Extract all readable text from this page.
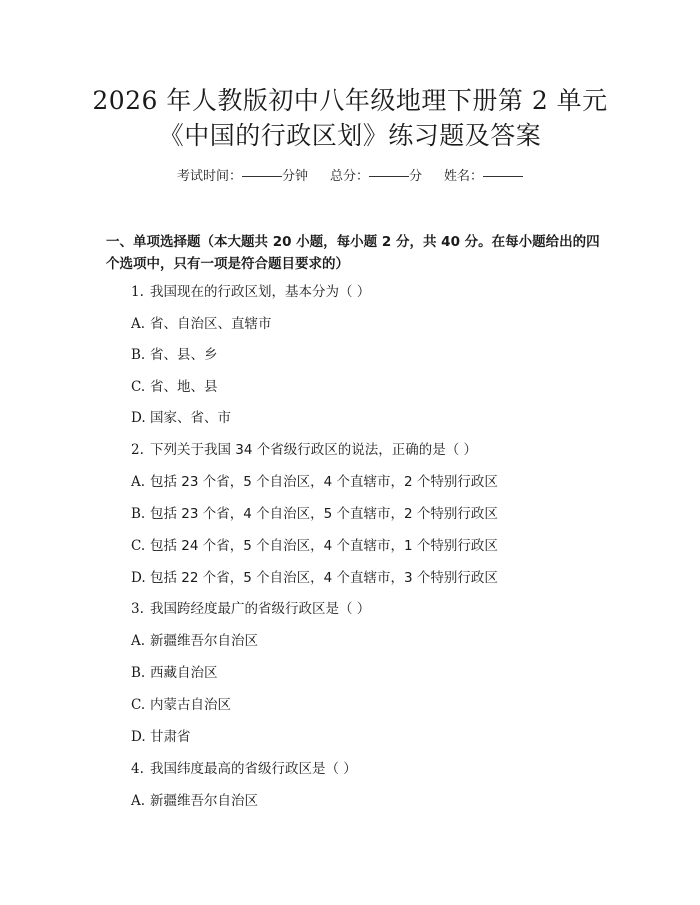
2026 年人教版初中八年级地理下册第 2 单元
《中国的行政区划》练习题及答案
考试时间：	分钟 总分：	分 姓名：
一、单项选择题（本大题共 20 小题，每小题 2 分，共 40 分。在每小题给出的四个选项中，只有一项是符合题目要求的）
1. 我国现在的行政区划，基本分为（ ）
A. 省、自治区、直辖市
B. 省、县、乡
C. 省、地、县
D. 国家、省、市
2. 下列关于我国 34 个省级行政区的说法，正确的是（ ）
A. 包括 23 个省，5 个自治区，4 个直辖市，2 个特别行政区
B. 包括 23 个省，4 个自治区，5 个直辖市，2 个特别行政区
C. 包括 24 个省，5 个自治区，4 个直辖市，1 个特别行政区
D. 包括 22 个省，5 个自治区，4 个直辖市，3 个特别行政区
3. 我国跨经度最广的省级行政区是（ ）
A. 新疆维吾尔自治区
B. 西藏自治区
C. 内蒙古自治区
D. 甘肃省
4. 我国纬度最高的省级行政区是（ ）
A. 新疆维吾尔自治区
